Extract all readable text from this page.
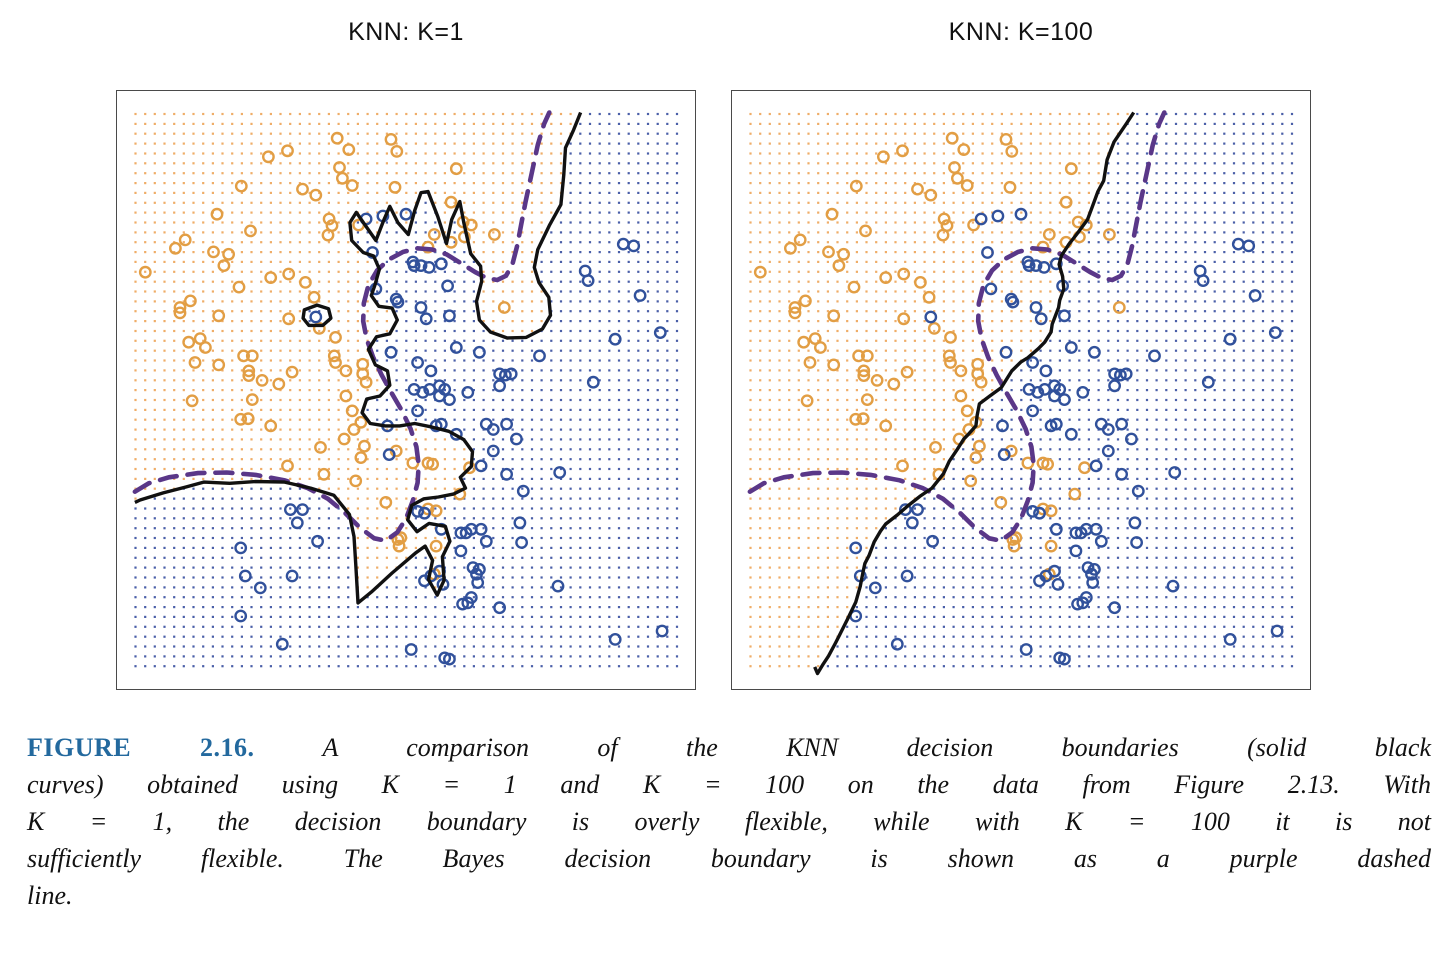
KNN: K=1	KNN: K=100
FIGURE 2.16.	A comparison of the KNN decision boundaries (solid black
curves) obtained using K = 1 and K = 100 on the data from Figure 2.13. With
K = 1, the decision boundary is overly flexible, while with K = 100 it is not
sufficiently flexible. The Bayes decision boundary is shown as a purple dashed
line.
